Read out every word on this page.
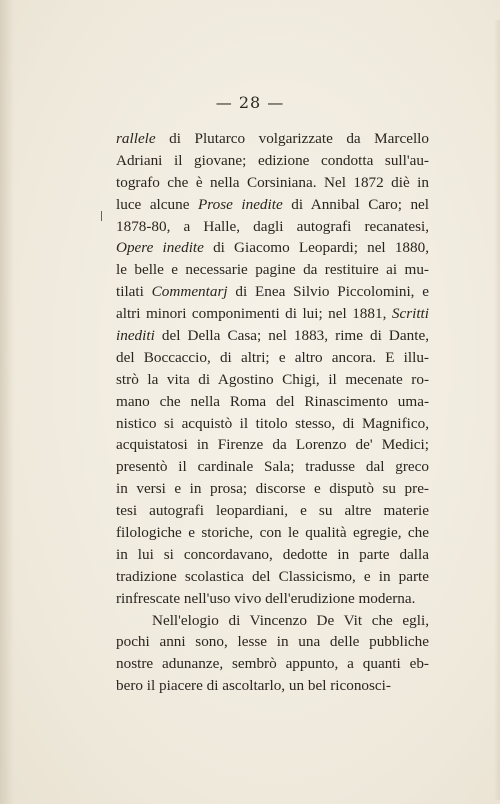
— 28 —
rallele di Plutarco volgarizzate da Marcello
Adriani il giovane; edizione condotta sull'au-
tografo che è nella Corsiniana. Nel 1872 diè in
luce alcune Prose inedite di Annibal Caro; nel
1878-80, a Halle, dagli autografi recanatesi,
Opere inedite di Giacomo Leopardi; nel 1880,
le belle e necessarie pagine da restituire ai mu-
tilati Commentarj di Enea Silvio Piccolomini, e
altri minori componimenti di lui; nel 1881, Scritti
inediti del Della Casa; nel 1883, rime di Dante,
del Boccaccio, di altri; e altro ancora. E illu-
strò la vita di Agostino Chigi, il mecenate ro-
mano che nella Roma del Rinascimento uma-
nistico si acquistò il titolo stesso, di Magnifico,
acquistatosi in Firenze da Lorenzo de' Medici;
presentò il cardinale Sala; tradusse dal greco
in versi e in prosa; discorse e disputò su pre-
tesi autografi leopardiani, e su altre materie
filologiche e storiche, con le qualità egregie, che
in lui si concordavano, dedotte in parte dalla
tradizione scolastica del Classicismo, e in parte
rinfrescate nell'uso vivo dell'erudizione moderna.
Nell'elogio di Vincenzo De Vit che egli,
pochi anni sono, lesse in una delle pubbliche
nostre adunanze, sembrò appunto, a quanti eb-
bero il piacere di ascoltarlo, un bel riconosci-
